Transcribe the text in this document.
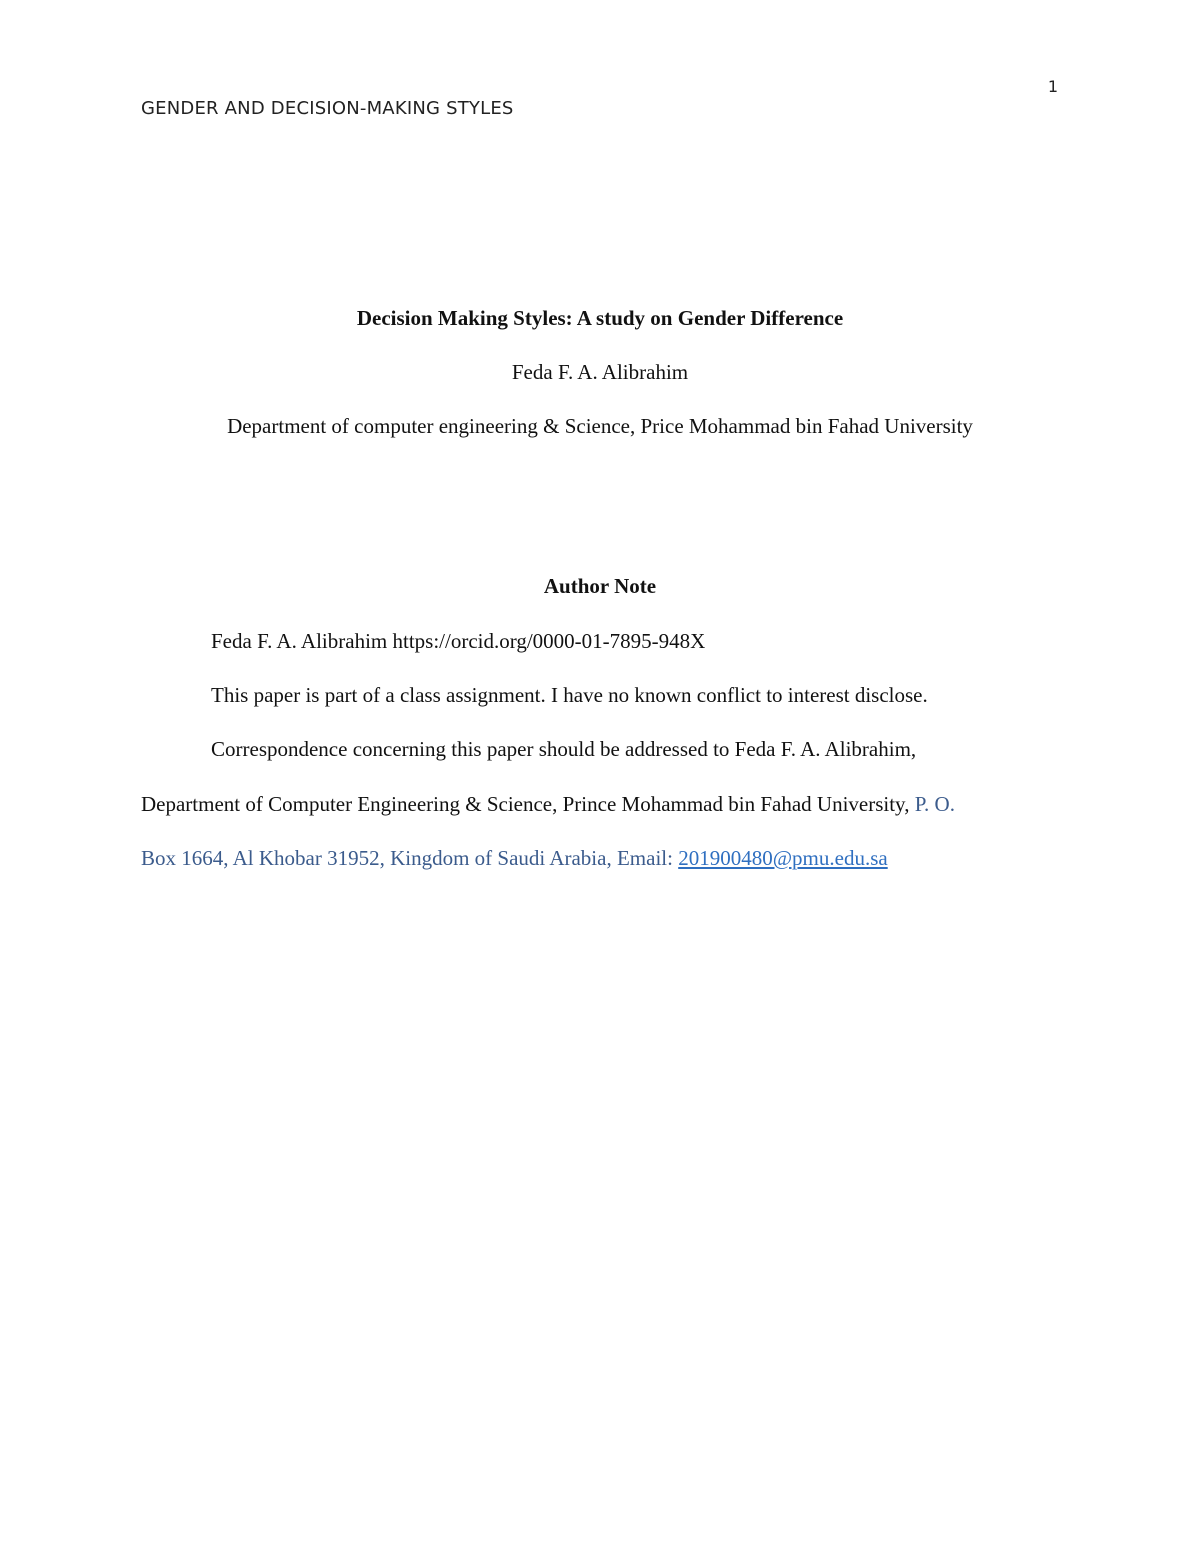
1
GENDER AND DECISION-MAKING STYLES
Decision Making Styles: A study on Gender Difference
Feda F. A. Alibrahim
Department of computer engineering & Science, Price Mohammad bin Fahad University
Author Note
Feda F. A. Alibrahim https://orcid.org/0000-01-7895-948X
This paper is part of a class assignment. I have no known conflict to interest disclose.
Correspondence concerning this paper should be addressed to Feda F. A. Alibrahim,
Department of Computer Engineering & Science, Prince Mohammad bin Fahad University, P. O.
Box 1664, Al Khobar 31952, Kingdom of Saudi Arabia, Email: 201900480@pmu.edu.sa
